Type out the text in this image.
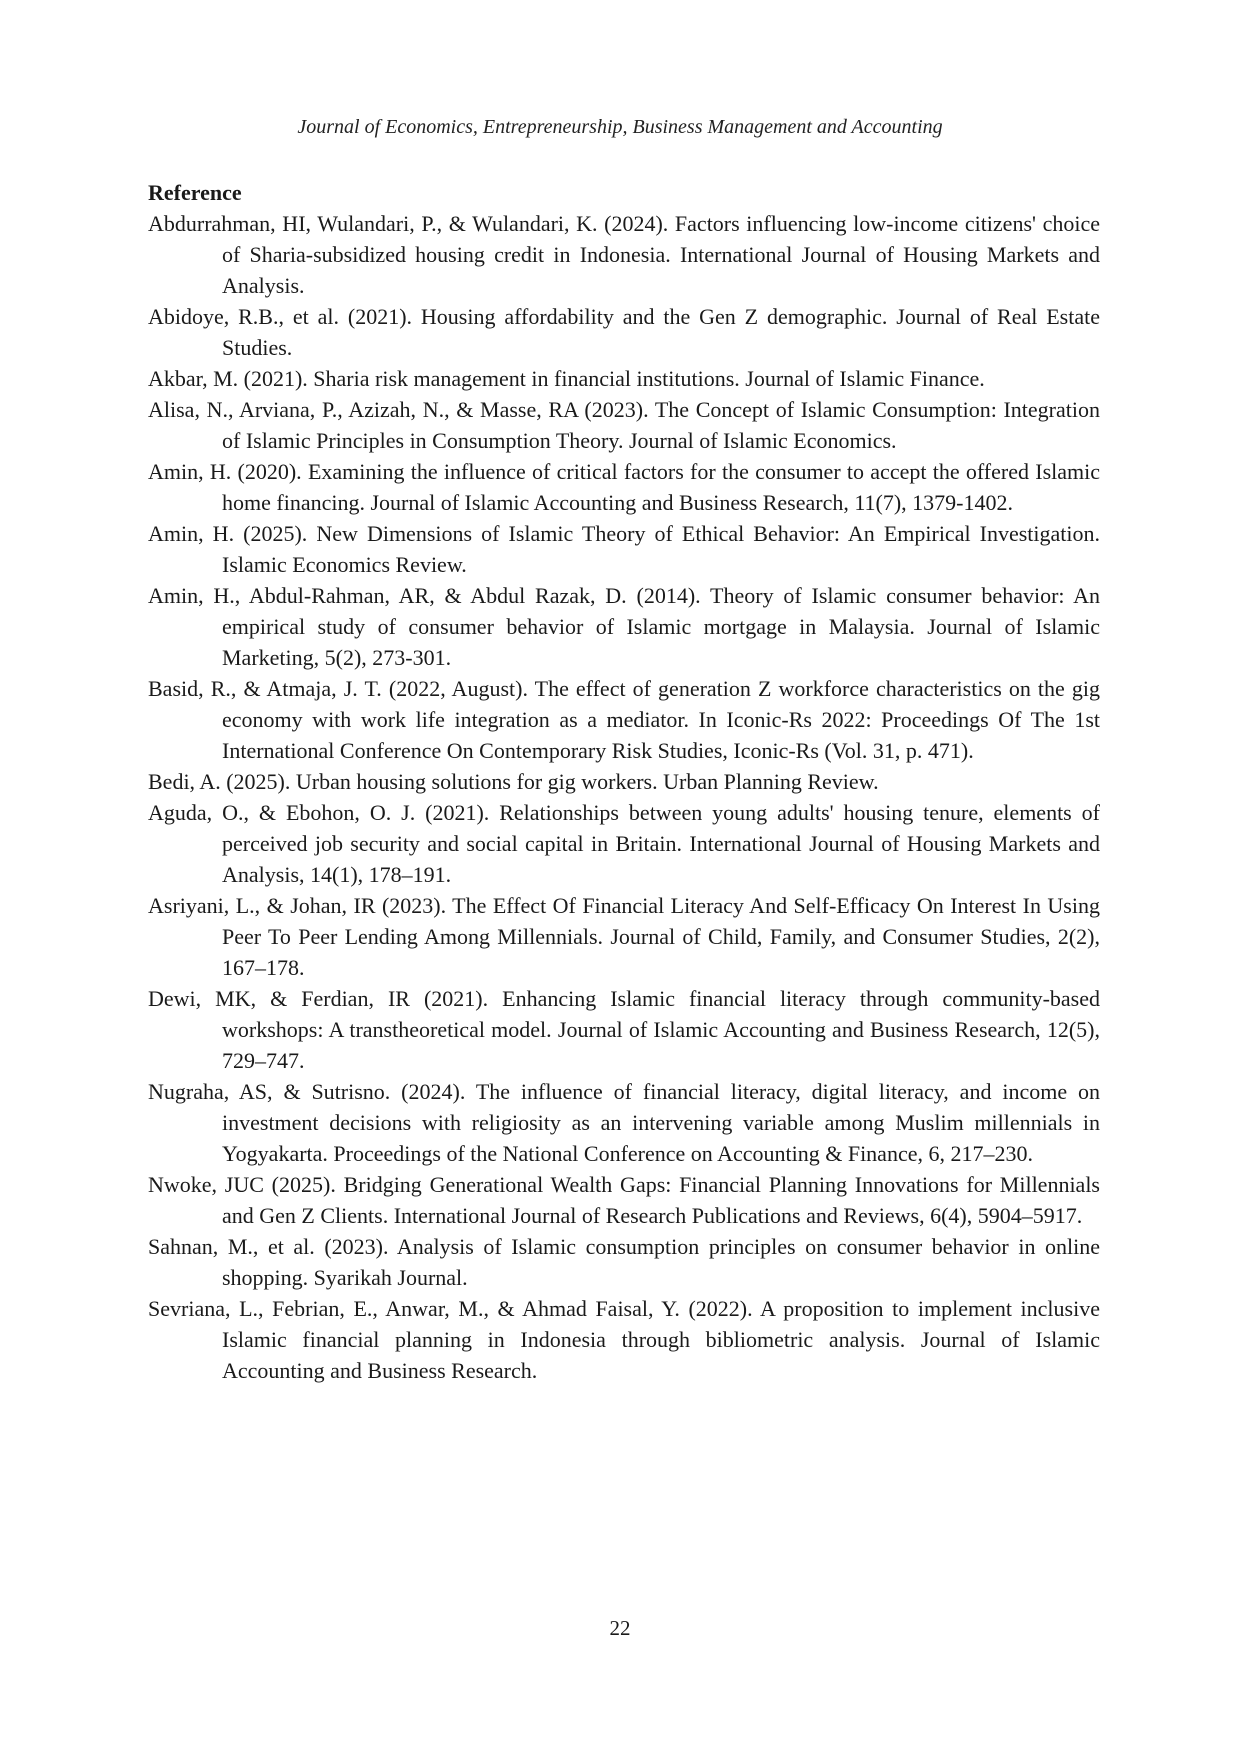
Journal of Economics, Entrepreneurship, Business Management and Accounting

Reference

Abdurrahman, HI, Wulandari, P., & Wulandari, K. (2024). Factors influencing low-income citizens' choice of Sharia-subsidized housing credit in Indonesia. International Journal of Housing Markets and Analysis.
Abidoye, R.B., et al. (2021). Housing affordability and the Gen Z demographic. Journal of Real Estate Studies.
Akbar, M. (2021). Sharia risk management in financial institutions. Journal of Islamic Finance.
Alisa, N., Arviana, P., Azizah, N., & Masse, RA (2023). The Concept of Islamic Consumption: Integration of Islamic Principles in Consumption Theory. Journal of Islamic Economics.
Amin, H. (2020). Examining the influence of critical factors for the consumer to accept the offered Islamic home financing. Journal of Islamic Accounting and Business Research, 11(7), 1379-1402.
Amin, H. (2025). New Dimensions of Islamic Theory of Ethical Behavior: An Empirical Investigation. Islamic Economics Review.
Amin, H., Abdul-Rahman, AR, & Abdul Razak, D. (2014). Theory of Islamic consumer behavior: An empirical study of consumer behavior of Islamic mortgage in Malaysia. Journal of Islamic Marketing, 5(2), 273-301.
Basid, R., & Atmaja, J. T. (2022, August). The effect of generation Z workforce characteristics on the gig economy with work life integration as a mediator. In Iconic-Rs 2022: Proceedings Of The 1st International Conference On Contemporary Risk Studies, Iconic-Rs (Vol. 31, p. 471).
Bedi, A. (2025). Urban housing solutions for gig workers. Urban Planning Review.
Aguda, O., & Ebohon, O. J. (2021). Relationships between young adults' housing tenure, elements of perceived job security and social capital in Britain. International Journal of Housing Markets and Analysis, 14(1), 178–191.
Asriyani, L., & Johan, IR (2023). The Effect Of Financial Literacy And Self-Efficacy On Interest In Using Peer To Peer Lending Among Millennials. Journal of Child, Family, and Consumer Studies, 2(2), 167–178.
Dewi, MK, & Ferdian, IR (2021). Enhancing Islamic financial literacy through community-based workshops: A transtheoretical model. Journal of Islamic Accounting and Business Research, 12(5), 729–747.
Nugraha, AS, & Sutrisno. (2024). The influence of financial literacy, digital literacy, and income on investment decisions with religiosity as an intervening variable among Muslim millennials in Yogyakarta. Proceedings of the National Conference on Accounting & Finance, 6, 217–230.
Nwoke, JUC (2025). Bridging Generational Wealth Gaps: Financial Planning Innovations for Millennials and Gen Z Clients. International Journal of Research Publications and Reviews, 6(4), 5904–5917.
Sahnan, M., et al. (2023). Analysis of Islamic consumption principles on consumer behavior in online shopping. Syarikah Journal.
Sevriana, L., Febrian, E., Anwar, M., & Ahmad Faisal, Y. (2022). A proposition to implement inclusive Islamic financial planning in Indonesia through bibliometric analysis. Journal of Islamic Accounting and Business Research.
22
